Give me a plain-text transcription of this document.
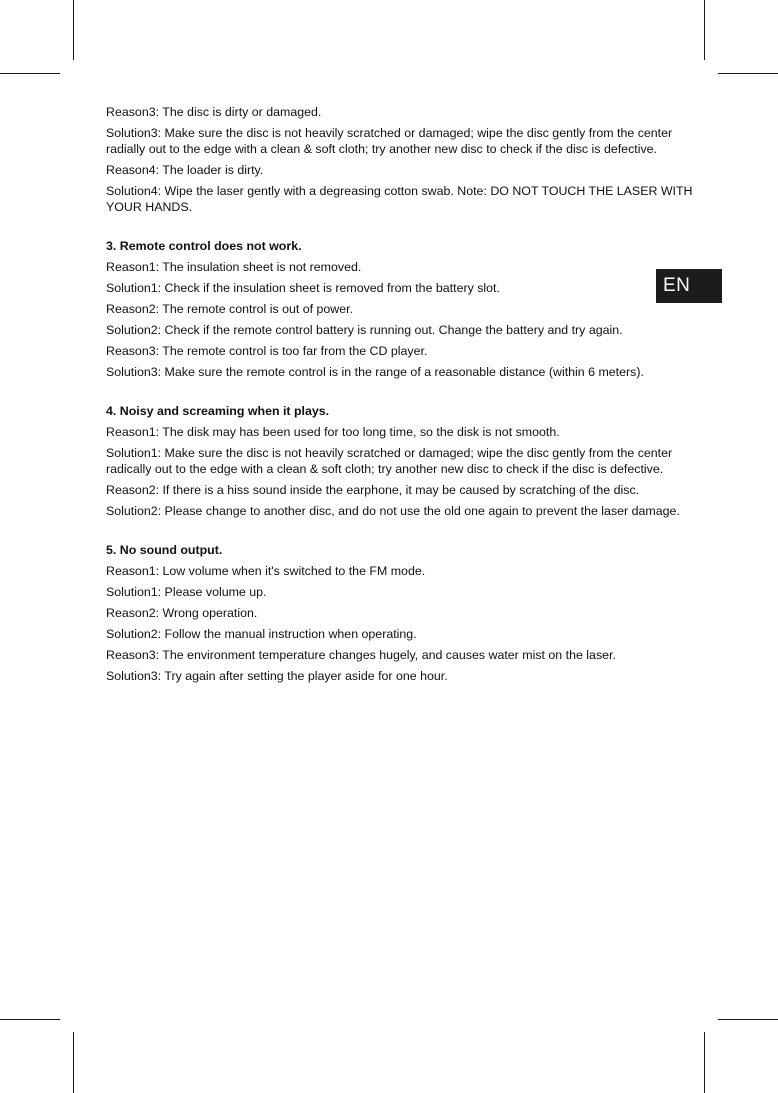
EN

Reason3: The disc is dirty or damaged.

Solution3: Make sure the disc is not heavily scratched or damaged; wipe the disc gently from the center radially out to the edge with a clean & soft cloth; try another new disc to check if the disc is defective.

Reason4: The loader is dirty.

Solution4: Wipe the laser gently with a degreasing cotton swab. Note: DO NOT TOUCH THE LASER WITH YOUR HANDS.

3. Remote control does not work.

Reason1: The insulation sheet is not removed.

Solution1: Check if the insulation sheet is removed from the battery slot.

Reason2: The remote control is out of power.

Solution2: Check if the remote control battery is running out. Change the battery and try again.

Reason3: The remote control is too far from the CD player.

Solution3: Make sure the remote control is in the range of a reasonable distance (within 6 meters).

4. Noisy and screaming when it plays.

Reason1: The disk may has been used for too long time, so the disk is not smooth.

Solution1: Make sure the disc is not heavily scratched or damaged; wipe the disc gently from the center radically out to the edge with a clean & soft cloth; try another new disc to check if the disc is defective.

Reason2: If there is a hiss sound inside the earphone, it may be caused by scratching of the disc.

Solution2: Please change to another disc, and do not use the old one again to prevent the laser damage.

5. No sound output.

Reason1: Low volume when it's switched to the FM mode.

Solution1: Please volume up.

Reason2: Wrong operation.

Solution2: Follow the manual instruction when operating.

Reason3: The environment temperature changes hugely, and causes water mist on the laser.

Solution3: Try again after setting the player aside for one hour.
